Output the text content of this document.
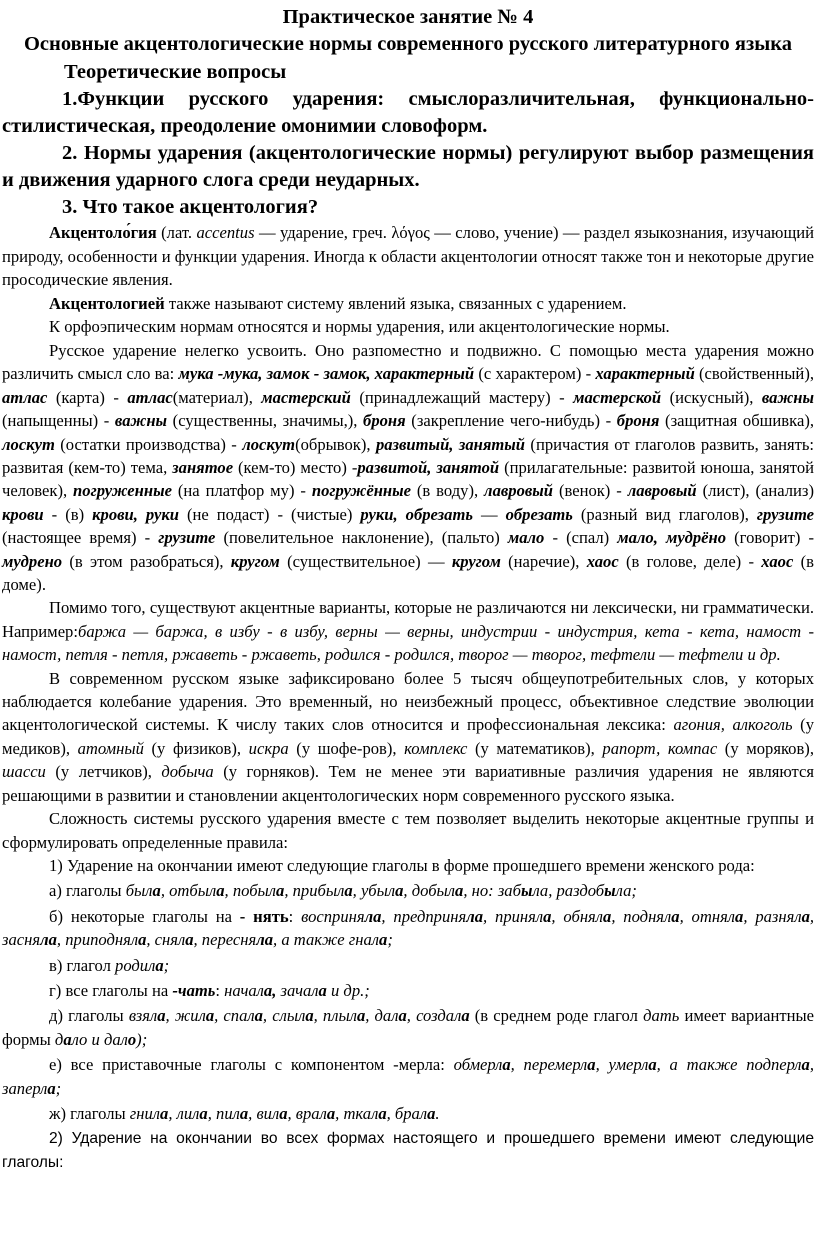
Практическое занятие № 4

Основные акцентологические нормы современного русского литературного языка

Теоретические вопросы

1.Функции русского ударения: смыслоразличительная, функционально-стилистическая, преодоление омонимии словоформ.

2. Нормы ударения (акцентологические нормы) регулируют выбор размещения и движения ударного слога среди неударных.

3. Что такое акцентология?

Акцентоло́гия (лат. accentus — ударение, греч. λόγος — слово, учение) — раздел языкознания, изучающий природу, особенности и функции ударения. Иногда к области акцентологии относят также тон и некоторые другие просодические явления.

Акцентологией также называют систему явлений языка, связанных с ударением.

К орфоэпическим нормам относятся и нормы ударения, или акцентологические нормы.

Русское ударение нелегко усвоить. Оно разпоместно и подвижно. С помощью места ударения можно различить смысл сло ва: мука -мука, замок - замок, характерный (с характером) - характерный (свойственный), атлас (карта) - атлас(материал), мастерский (принадлежащий мастеру) - мастерской (искусный), важны (напыщенны) - важны (существенны, значимы,), броня (закрепление чего-нибудь) - броня (защитная обшивка), лоскут (остатки производства) - лоскут(обрывок), развитый, занятый (причастия от глаголов развить, занять: развитая (кем-то) тема, занятое (кем-то) место) -развитой, занятой (прилагательные: развитой юноша, занятой человек), погруженные (на платфор му) - погружённые (в воду), лавровый (венок) - лавровый (лист), (анализ) крови - (в) крови, руки (не подаст) - (чистые) руки, обрезать — обрезать (разный вид глаголов), грузите (настоящее время) - грузите (повелительное наклонение), (пальто) мало - (спал) мало, мудрёно (говорит) - мудрено (в этом разобраться), кругом (существительное) — кругом (наречие), хаос (в голове, деле) - хаос (в доме).

Помимо того, существуют акцентные варианты, которые не различаются ни лексически, ни грамматически. Например:баржа — баржа, в избу - в избу, верны — верны, индустрии - индустрия, кета - кета, намост - намост, петля - петля, ржаветь - ржаветь, родился - родился, творог — творог, тефтели — тефтели и др.

В современном русском языке зафиксировано более 5 тысяч общеупотребительных слов, у которых наблюдается колебание ударения. Это временный, но неизбежный процесс, объективное следствие эволюции акцентологической системы. К числу таких слов относится и профессиональная лексика: агония, алкоголь (у медиков), атомный (у физиков), искра (у шофе-ров), комплекс (у математиков), рапорт, компас (у моряков), шасси (у летчиков), добыча (у горняков). Тем не менее эти вариативные различия ударения не являются решающими в развитии и становлении акцентологических норм современного русского языка.

Сложность системы русского ударения вместе с тем позволяет выделить некоторые акцентные группы и сформулировать определенные правила:

1) Ударение на окончании имеют следующие глаголы в форме прошедшего времени женского рода:

а) глаголы была, отбыла, побыла, прибыла, убыла, добыла, но: забыла, раздобыла;

б) некоторые глаголы на - нять: восприняла, предприняла, приняла, обняла, подняла, отняла, разняла, засняла, приподняла, сняла, пересняла, а также гнала;

в) глагол родила;

г) все глаголы на -чать: начала, зачала и др.;

д) глаголы взяла, жила, спала, слыла, плыла, дала, создала (в среднем роде глагол дать имеет вариантные формы дало и дало);

е) все приставочные глаголы с компонентом -мерла: обмерла, перемерла, умерла, а также подперла, заперла;

ж) глаголы гнила, лила, пила, вила, врала, ткала, брала.

2) Ударение на окончании во всех формах настоящего и прошедшего времени имеют следующие глаголы:
